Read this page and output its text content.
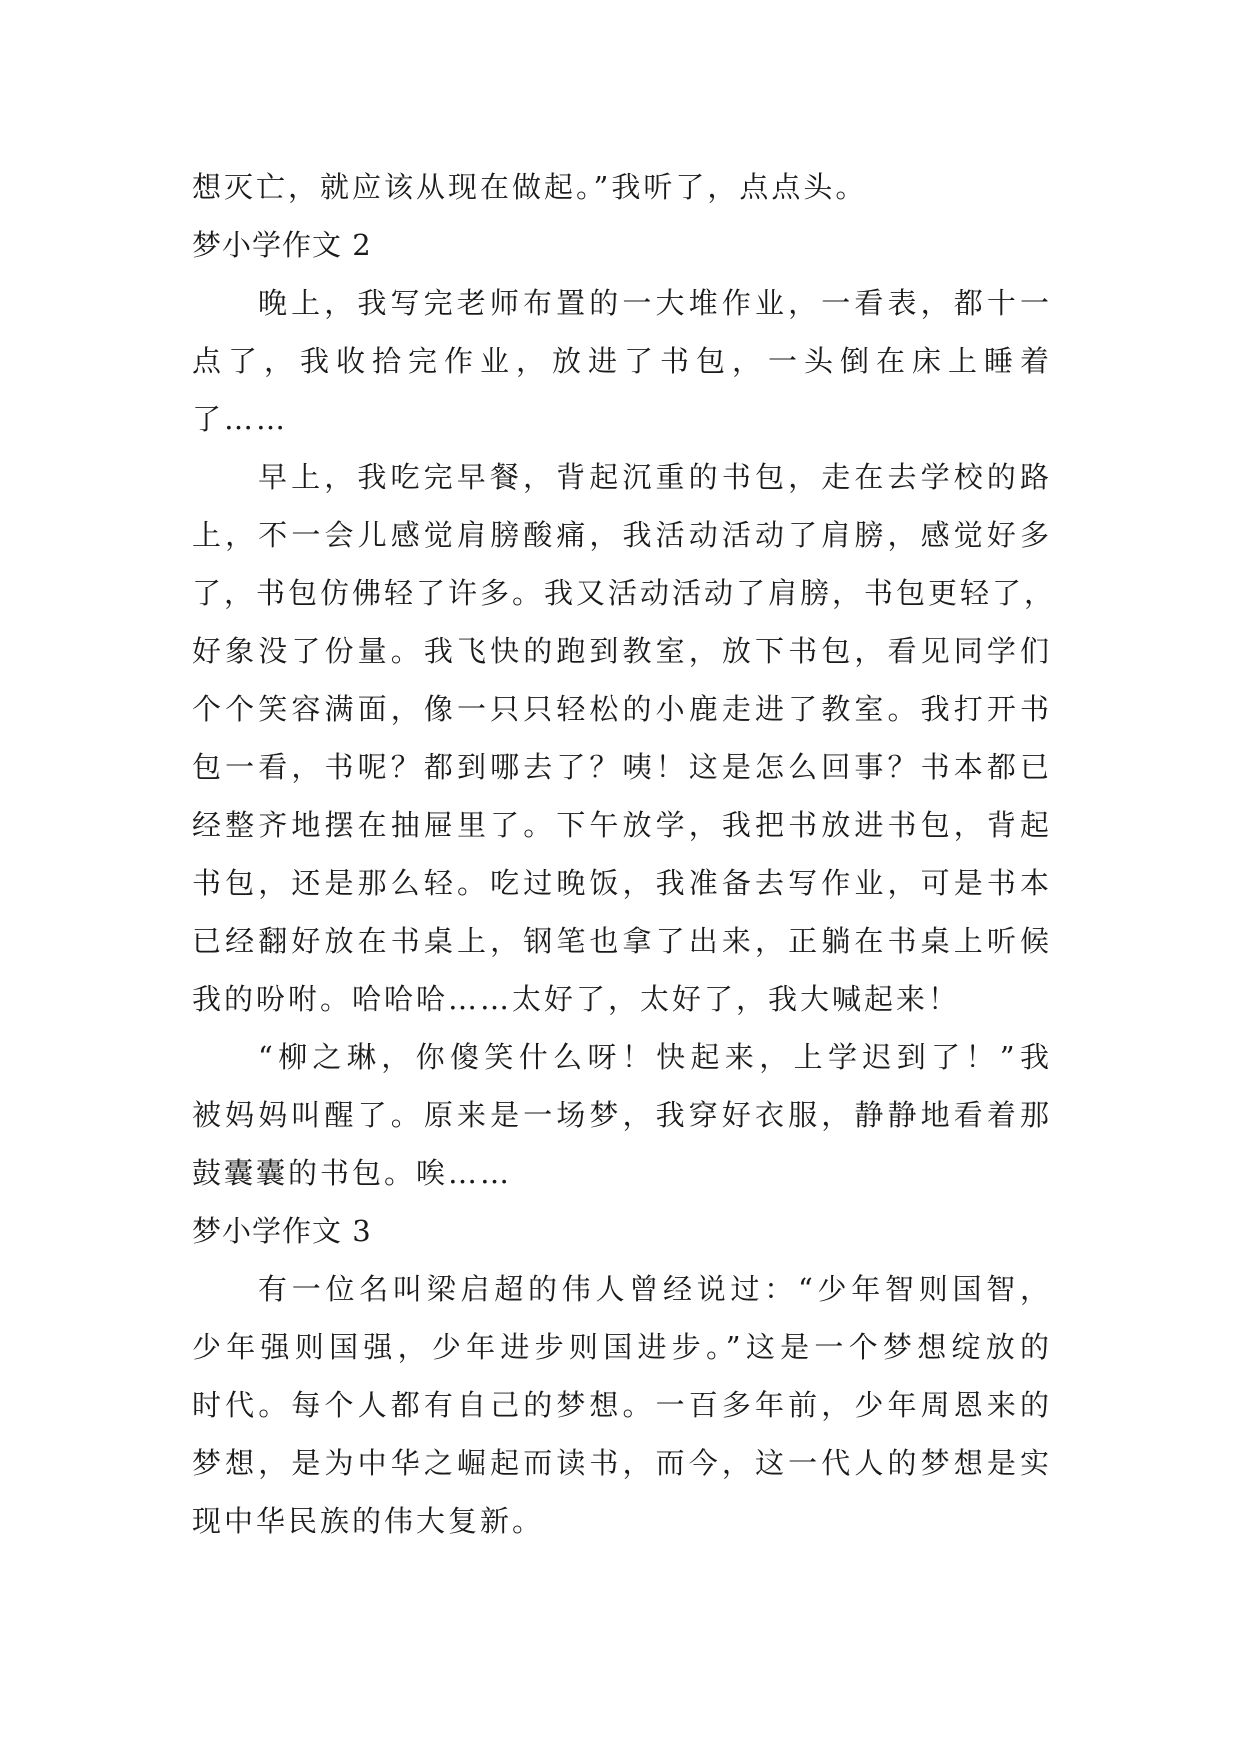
想灭亡，就应该从现在做起。”我听了，点点头。
梦小学作文 2
晚上，我写完老师布置的一大堆作业，一看表，都十一
点了，我收拾完作业，放进了书包，一头倒在床上睡着
了……
早上，我吃完早餐，背起沉重的书包，走在去学校的路
上，不一会儿感觉肩膀酸痛，我活动活动了肩膀，感觉好多
了，书包仿佛轻了许多。我又活动活动了肩膀，书包更轻了，
好象没了份量。我飞快的跑到教室，放下书包，看见同学们
个个笑容满面，像一只只轻松的小鹿走进了教室。我打开书
包一看，书呢？都到哪去了？咦！这是怎么回事？书本都已
经整齐地摆在抽屉里了。下午放学，我把书放进书包，背起
书包，还是那么轻。吃过晚饭，我准备去写作业，可是书本
已经翻好放在书桌上，钢笔也拿了出来，正躺在书桌上听候
我的吩咐。哈哈哈……太好了，太好了，我大喊起来！
“柳之琳，你傻笑什么呀！快起来，上学迟到了！”我
被妈妈叫醒了。原来是一场梦，我穿好衣服，静静地看着那
鼓囊囊的书包。唉……
梦小学作文 3
有一位名叫梁启超的伟人曾经说过：“少年智则国智，
少年强则国强，少年进步则国进步。”这是一个梦想绽放的
时代。每个人都有自己的梦想。一百多年前，少年周恩来的
梦想，是为中华之崛起而读书，而今，这一代人的梦想是实
现中华民族的伟大复新。
